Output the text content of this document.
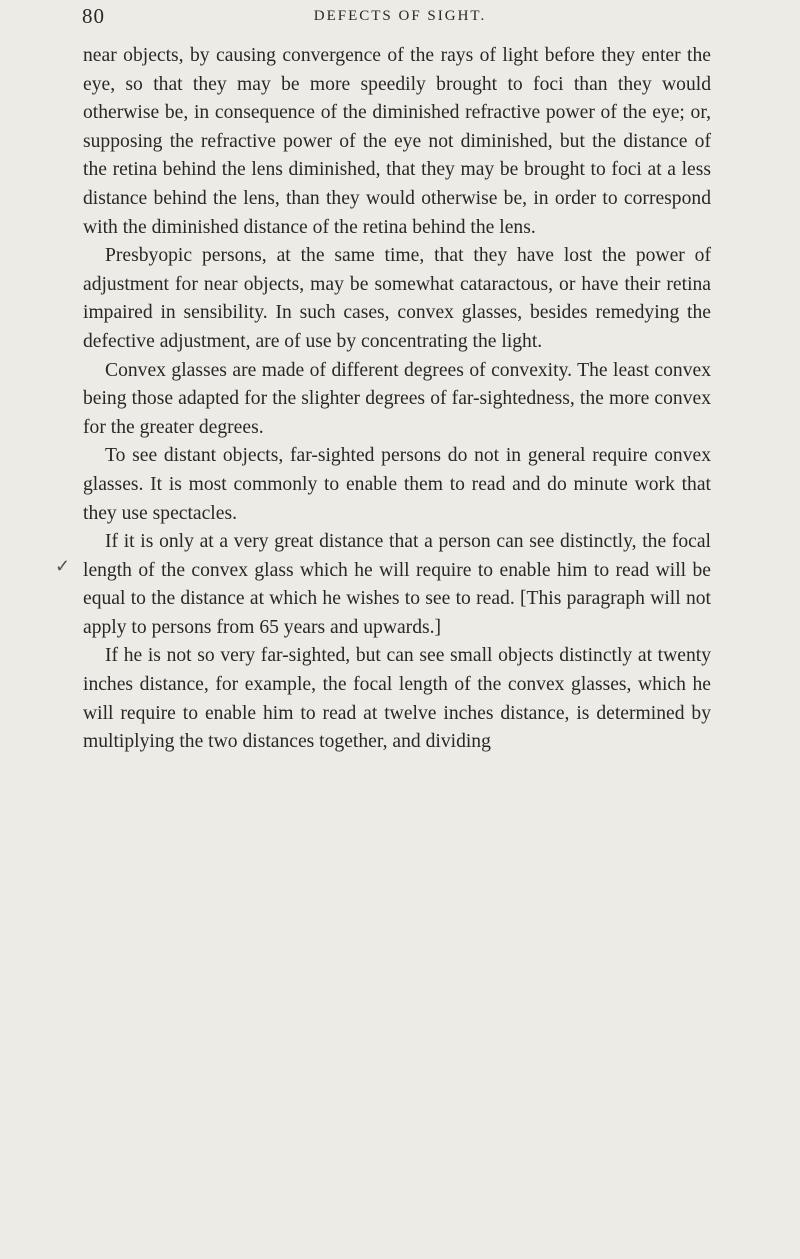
80	DEFECTS OF SIGHT.
✓

near objects, by causing convergence of the rays of light before they enter the eye, so that they may be more speedily brought to foci than they would otherwise be, in consequence of the diminished refractive power of the eye; or, supposing the refractive power of the eye not diminished, but the distance of the retina behind the lens diminished, that they may be brought to foci at a less distance behind the lens, than they would otherwise be, in order to correspond with the diminished distance of the retina behind the lens.

Presbyopic persons, at the same time, that they have lost the power of adjustment for near objects, may be somewhat cataractous, or have their retina impaired in sensibility. In such cases, convex glasses, besides remedying the defective adjustment, are of use by concentrating the light.

Convex glasses are made of different degrees of convexity. The least convex being those adapted for the slighter degrees of far-sightedness, the more convex for the greater degrees.

To see distant objects, far-sighted persons do not in general require convex glasses. It is most commonly to enable them to read and do minute work that they use spectacles.

If it is only at a very great distance that a person can see distinctly, the focal length of the convex glass which he will require to enable him to read will be equal to the distance at which he wishes to see to read. [This paragraph will not apply to persons from 65 years and upwards.]

If he is not so very far-sighted, but can see small objects distinctly at twenty inches distance, for example, the focal length of the convex glasses, which he will require to enable him to read at twelve inches distance, is determined by multiplying the two distances together, and dividing
